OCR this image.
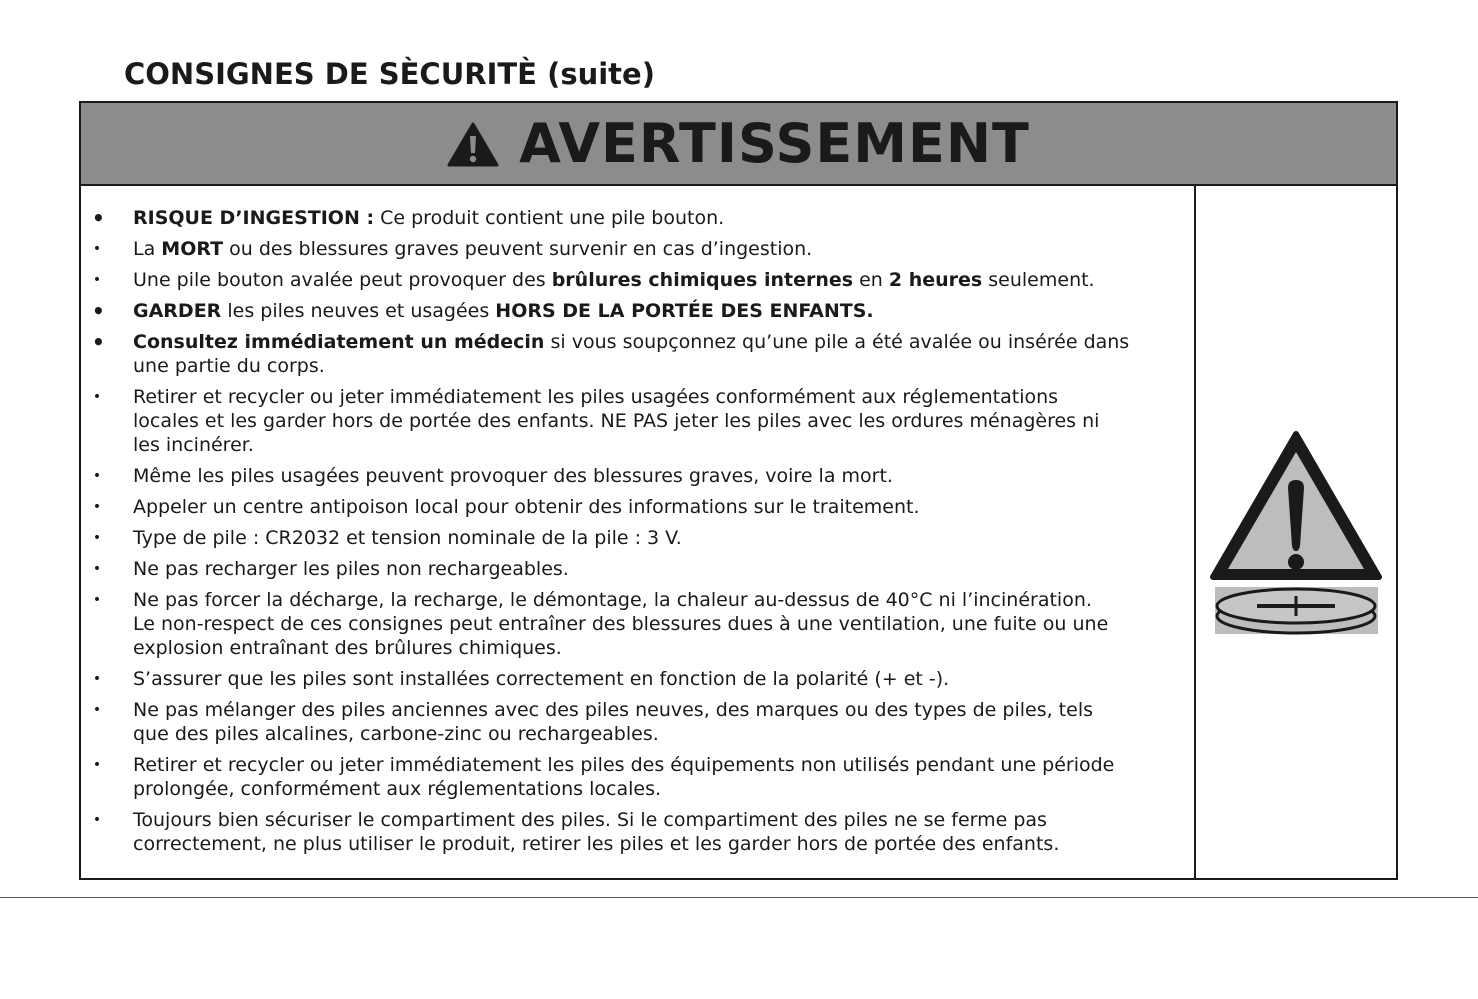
CONSIGNES DE SÈCURITÈ (suite)
AVERTISSEMENT
• RISQUE D’INGESTION : Ce produit contient une pile bouton.
• La MORT ou des blessures graves peuvent survenir en cas d’ingestion.
• Une pile bouton avalée peut provoquer des brûlures chimiques internes en 2 heures seulement.
• GARDER les piles neuves et usagées HORS DE LA PORTÉE DES ENFANTS.
• Consultez immédiatement un médecin si vous soupçonnez qu’une pile a été avalée ou insérée dans
une partie du corps.
• Retirer et recycler ou jeter immédiatement les piles usagées conformément aux réglementations
locales et les garder hors de portée des enfants. NE PAS jeter les piles avec les ordures ménagères ni
les incinérer.
• Même les piles usagées peuvent provoquer des blessures graves, voire la mort.
• Appeler un centre antipoison local pour obtenir des informations sur le traitement.
• Type de pile : CR2032 et tension nominale de la pile : 3 V.
• Ne pas recharger les piles non rechargeables.
• Ne pas forcer la décharge, la recharge, le démontage, la chaleur au-dessus de 40°C ni l’incinération.
Le non-respect de ces consignes peut entraîner des blessures dues à une ventilation, une fuite ou une
explosion entraînant des brûlures chimiques.
• S’assurer que les piles sont installées correctement en fonction de la polarité (+ et -).
• Ne pas mélanger des piles anciennes avec des piles neuves, des marques ou des types de piles, tels
que des piles alcalines, carbone-zinc ou rechargeables.
• Retirer et recycler ou jeter immédiatement les piles des équipements non utilisés pendant une période
prolongée, conformément aux réglementations locales.
• Toujours bien sécuriser le compartiment des piles. Si le compartiment des piles ne se ferme pas
correctement, ne plus utiliser le produit, retirer les piles et les garder hors de portée des enfants.
